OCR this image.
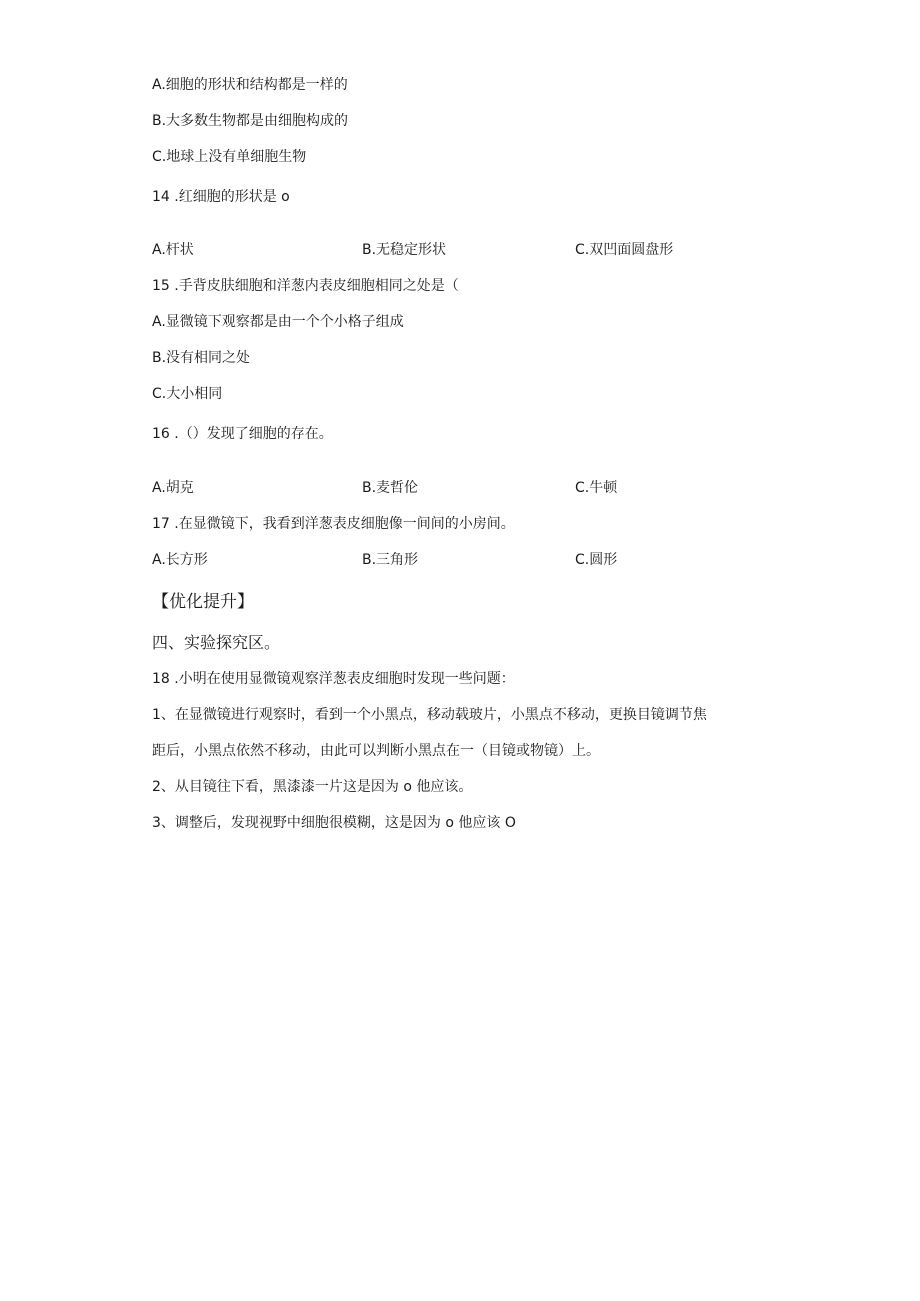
A.细胞的形状和结构都是一样的
B.大多数生物都是由细胞构成的
C.地球上没有单细胞生物
14 .红细胞的形状是 o
A.杆状	B.无稳定形状	C.双凹面圆盘形
15 .手背皮肤细胞和洋葱内表皮细胞相同之处是（
A.显微镜下观察都是由一个个小格子组成
B.没有相同之处
C.大小相同
16 .（）发现了细胞的存在。
A.胡克	B.麦哲伦	C.牛顿
17 .在显微镜下，我看到洋葱表皮细胞像一间间的小房间。
A.长方形	B.三角形	C.圆形
【优化提升】
四、实验探究区。
18 .小明在使用显微镜观察洋葱表皮细胞时发现一些问题：
1、在显微镜进行观察时，看到一个小黑点，移动载玻片，小黑点不移动，更换目镜调节焦
距后，小黑点依然不移动，由此可以判断小黑点在一（目镜或物镜）上。
2、从目镜往下看，黑漆漆一片这是因为 o 他应该。
3、调整后，发现视野中细胞很模糊，这是因为 o 他应该 O
